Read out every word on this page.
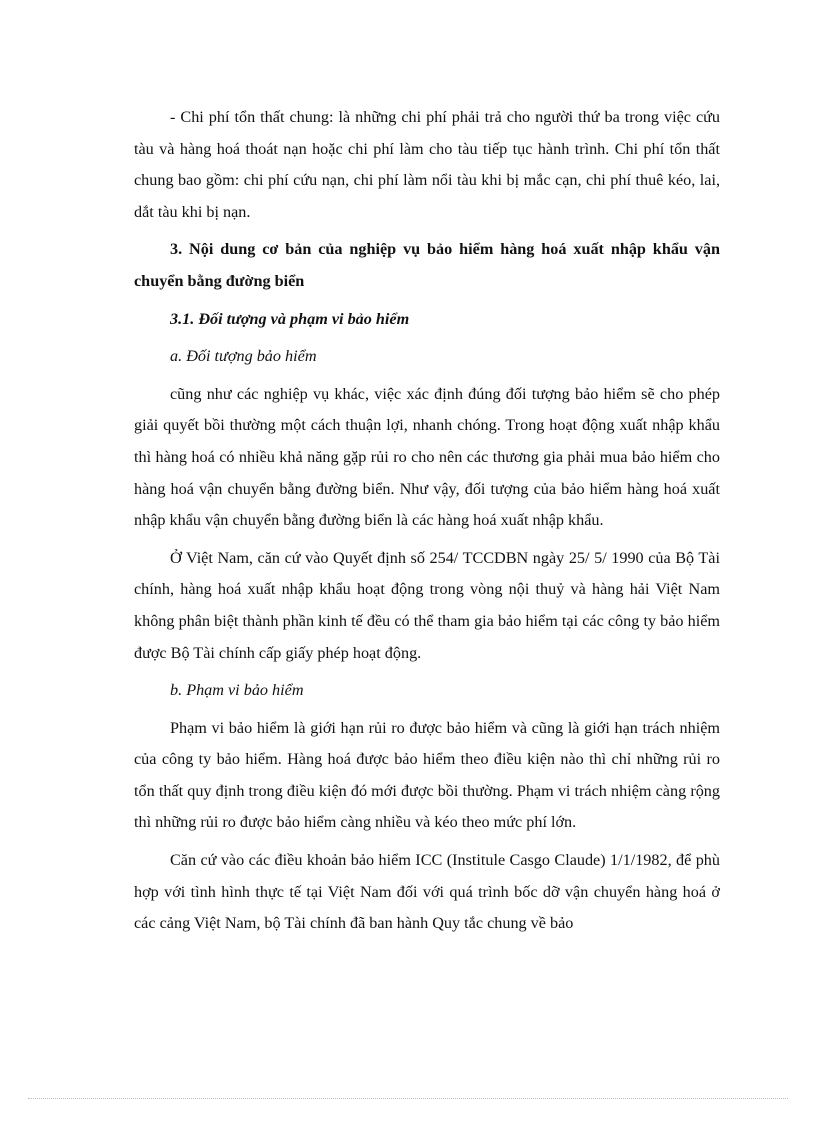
- Chi phí tổn thất chung: là những chi phí phải trả cho người thứ ba trong việc cứu tàu và hàng hoá thoát nạn hoặc chi phí làm cho tàu tiếp tục hành trình. Chi phí tổn thất chung bao gồm: chi phí cứu nạn, chi phí làm nổi tàu khi bị mắc cạn, chi phí thuê kéo, lai, dắt tàu khi bị nạn.

3. Nội dung cơ bản của nghiệp vụ bảo hiểm hàng hoá xuất nhập khẩu vận chuyển bằng đường biển

3.1. Đối tượng và phạm vi bảo hiểm

a. Đối tượng bảo hiểm

cũng như các nghiệp vụ khác, việc xác định đúng đối tượng bảo hiểm sẽ cho phép giải quyết bồi thường một cách thuận lợi, nhanh chóng. Trong hoạt động xuất nhập khẩu thì hàng hoá có nhiều khả năng gặp rủi ro cho nên các thương gia phải mua bảo hiểm cho hàng hoá vận chuyển bằng đường biển. Như vậy, đối tượng của bảo hiểm hàng hoá xuất nhập khẩu vận chuyển bằng đường biển là các hàng hoá xuất nhập khẩu.

Ở Việt Nam, căn cứ vào Quyết định số 254/ TCCDBN ngày 25/ 5/ 1990 của Bộ Tài chính, hàng hoá xuất nhập khẩu hoạt động trong vòng nội thuỷ và hàng hải Việt Nam không phân biệt thành phần kinh tế đều có thể tham gia bảo hiểm tại các công ty bảo hiểm được Bộ Tài chính cấp giấy phép hoạt động.

b. Phạm vi bảo hiểm

Phạm vi bảo hiểm là giới hạn rủi ro được bảo hiểm và cũng là giới hạn trách nhiệm của công ty bảo hiểm. Hàng hoá được bảo hiểm theo điều kiện nào thì chỉ những rủi ro tổn thất quy định trong điều kiện đó mới được bồi thường. Phạm vi trách nhiệm càng rộng thì những rủi ro được bảo hiểm càng nhiều và kéo theo mức phí lớn.

Căn cứ vào các điều khoản bảo hiểm ICC (Institule Casgo Claude) 1/1/1982, để phù hợp với tình hình thực tế tại Việt Nam đối với quá trình bốc dỡ vận chuyển hàng hoá ở các cảng Việt Nam, bộ Tài chính đã ban hành Quy tắc chung về bảo
